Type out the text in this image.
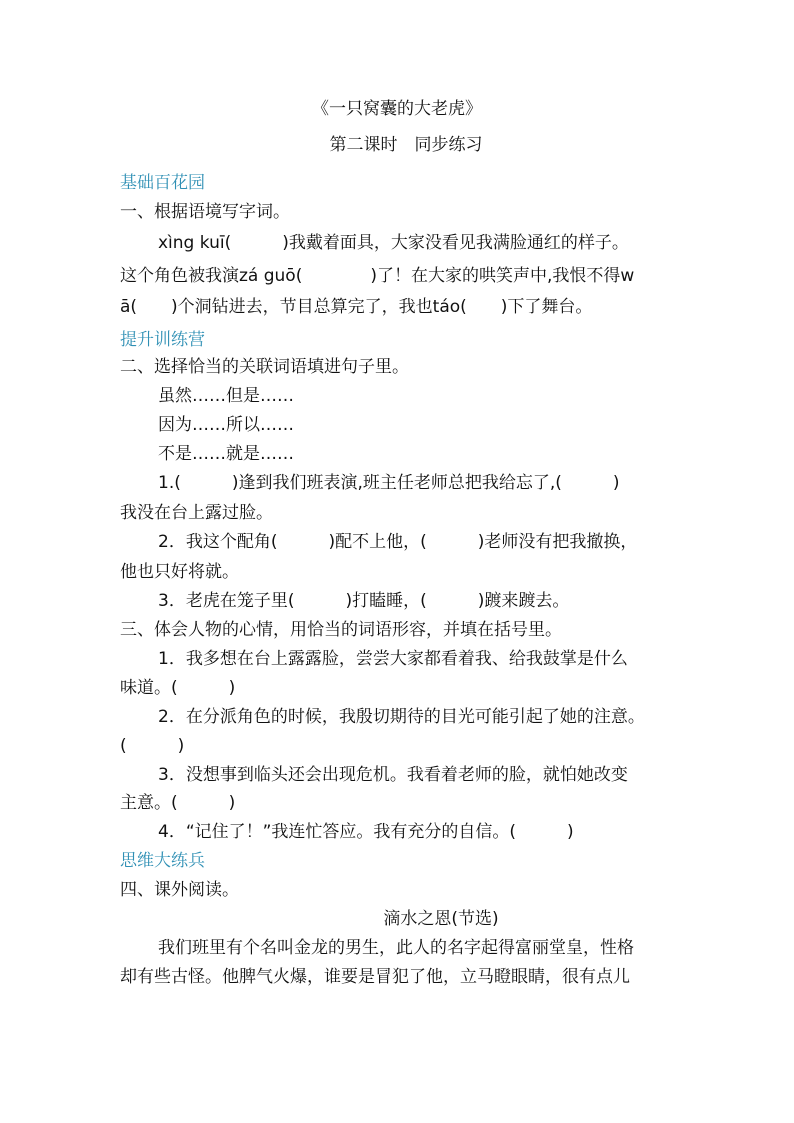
《一只窝囊的大老虎》
第二课时　同步练习
基础百花园
一、根据语境写字词。
xìng kuī(　　　)我戴着面具，大家没看见我满脸通红的样子。
这个角色被我演zá guō(　　　　)了！在大家的哄笑声中,我恨不得w
ā(　　)个洞钻进去，节目总算完了，我也táo(　　)下了舞台。
提升训练营
二、选择恰当的关联词语填进句子里。
虽然……但是……
因为……所以……
不是……就是……
1.(　　　)逢到我们班表演,班主任老师总把我给忘了,(　　　)
我没在台上露过脸。
2．我这个配角(　　　)配不上他，(　　　)老师没有把我撤换，
他也只好将就。
3．老虎在笼子里(　　　)打瞌睡，(　　　)踱来踱去。
三、体会人物的心情，用恰当的词语形容，并填在括号里。
1．我多想在台上露露脸，尝尝大家都看着我、给我鼓掌是什么
味道。(　　　)
2．在分派角色的时候，我殷切期待的目光可能引起了她的注意。
(　　　)
3．没想事到临头还会出现危机。我看着老师的脸，就怕她改变
主意。(　　　)
4．“记住了！”我连忙答应。我有充分的自信。(　　　)
思维大练兵
四、课外阅读。
滴水之恩(节选)
我们班里有个名叫金龙的男生，此人的名字起得富丽堂皇，性格
却有些古怪。他脾气火爆，谁要是冒犯了他，立马瞪眼睛，很有点儿
